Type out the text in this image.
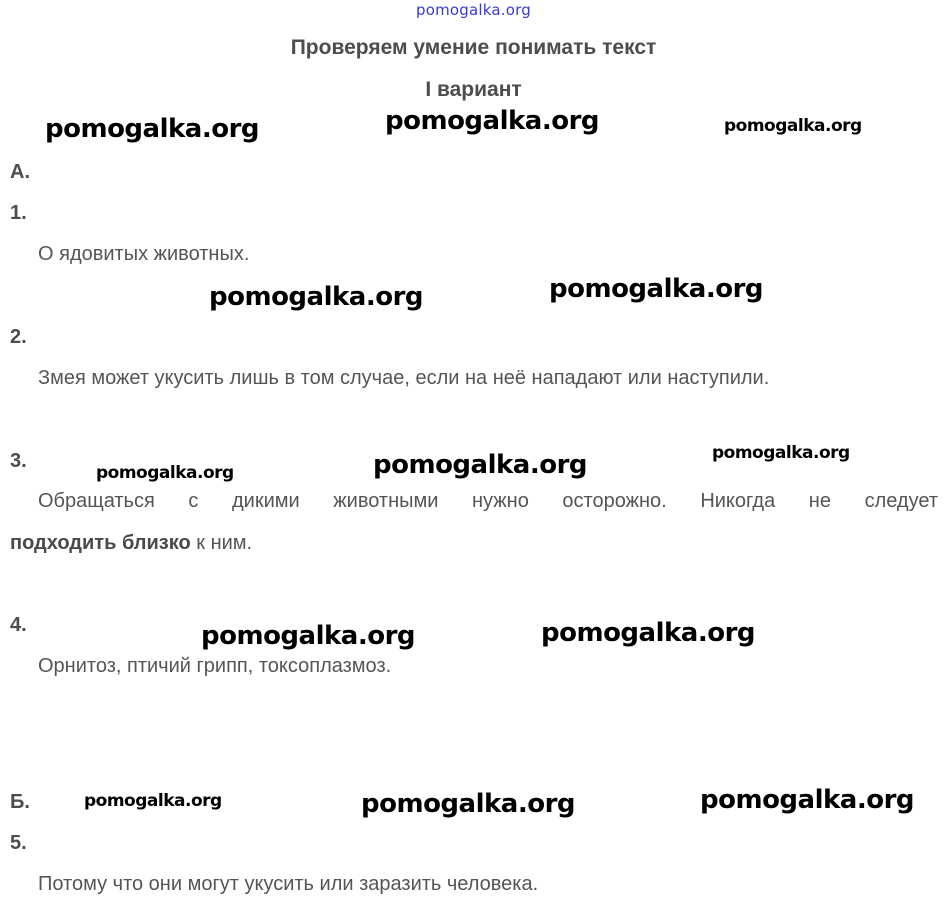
pomogalka.org
Проверяем умение понимать текст
I вариант
А.
1.
О ядовитых животных.
2.
Змея может укусить лишь в том случае, если на неё нападают или наступили.
3.
Обращаться с дикими животными нужно осторожно. Никогда не следует
подходить близко к ним.
4.
Орнитоз, птичий грипп, токсоплазмоз.
Б.
5.
Потому что они могут укусить или заразить человека.
pomogalka.org	pomogalka.org	pomogalka.org
pomogalka.org	pomogalka.org
pomogalka.org	pomogalka.org	pomogalka.org
pomogalka.org	pomogalka.org
pomogalka.org	pomogalka.org	pomogalka.org
